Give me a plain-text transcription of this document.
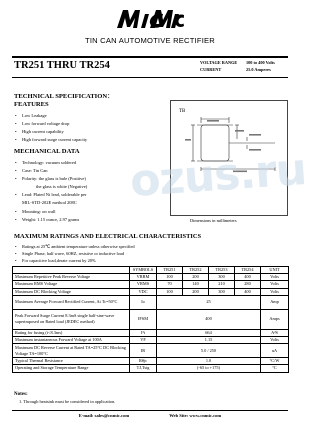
TIN CAN AUTOMOTIVE RECTIFIER
TR251 THRU TR254	VOLTAGE RANGE	100 to 400 Volts
CURRENT	25.0 Amperes
TECHNICAL SPECIFICATION：
FEATURES
• Low Leakage
• Low forward voltage drop
• High current capability
• High forward surge current capacity
MECHANICAL DATA
• Technology: vacuum soldered
• Case: Tin Can
• Polarity: the glass is bule (Positive)
the glass is white (Negative)
• Lead: Plated Ni lead, solderable per
MIL-STD-202E method 208C
• Mounting: on wall
• Weight: 1.15 ounce, 2.97 grams
TB
Dimensions in millimeters
MAXIMUM RATINGS AND ELECTRICAL CHARACTERISTICS
• Ratings at 25℃ ambient temperature unless otherwise specified
• Single Phase, half wave, 60HZ, resistive or inductive load
• For capacitive load,derate current by 20%
	SYMBOLS	TR251	TR252	TR253	TR254	UNIT
Maximum Repetitive Peak Reverse Voltage	VRRM	100	200	300	400	Volts
Maximum RMS Voltage	VRMS	70	140	210	280	Volts
Maximum DC Blocking Voltage	VDC	100	200	300	400	Volts
Maximum Average Forward Rectified Current, At Tc=50°C	Io	25				Amp
Peak Forward Surge Current 8.3mS single half-sine-wave superimposed on Rated load (JEDEC method)	IFSM	400				Amps
Rating for fusing (t<8.3ms)	I²t	664				A²S
Maximum instantaneous Forward Voltage at 100A	VF	1.15				Volts
Maximum DC Reverse Current at Rated TA=25°C DC Blocking Voltage TA=100°C	IR	5.0 / 250				uA
Typical Thermal Resistance	Rθjc	1.0				°C/W
Operating and Storage Temperature Range	TJ,Tstg	(-65 to +175)				°C
Notes:
1. Through heatsink must be considered in application.
E-mail: sales@cnmic.com	Web Site: www.cnmic.com
ozus.ru
